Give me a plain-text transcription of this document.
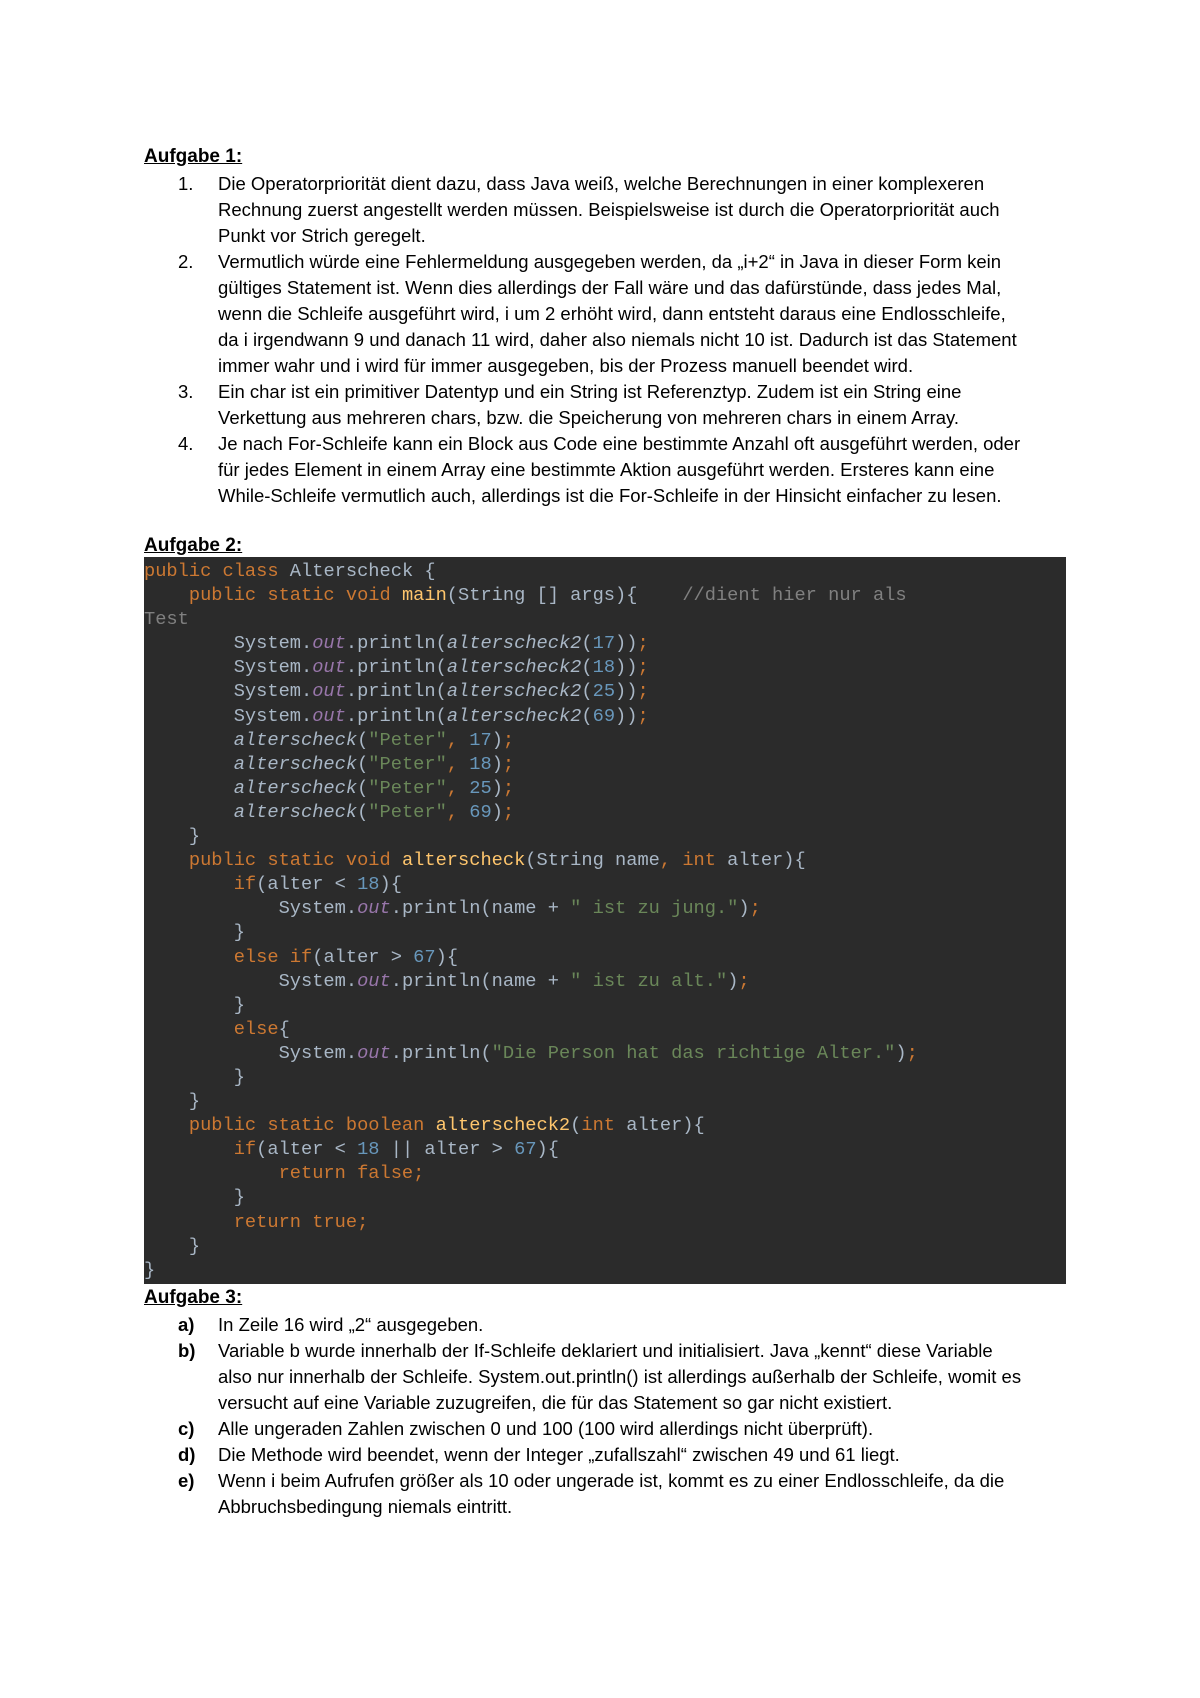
Aufgabe 1:
1. Die Operatorpriorität dient dazu, dass Java weiß, welche Berechnungen in einer komplexeren
Rechnung zuerst angestellt werden müssen. Beispielsweise ist durch die Operatorpriorität auch
Punkt vor Strich geregelt.
2. Vermutlich würde eine Fehlermeldung ausgegeben werden, da „i+2“ in Java in dieser Form kein
gültiges Statement ist. Wenn dies allerdings der Fall wäre und das dafürstünde, dass jedes Mal,
wenn die Schleife ausgeführt wird, i um 2 erhöht wird, dann entsteht daraus eine Endlosschleife,
da i irgendwann 9 und danach 11 wird, daher also niemals nicht 10 ist. Dadurch ist das Statement
immer wahr und i wird für immer ausgegeben, bis der Prozess manuell beendet wird.
3. Ein char ist ein primitiver Datentyp und ein String ist Referenztyp. Zudem ist ein String eine
Verkettung aus mehreren chars, bzw. die Speicherung von mehreren chars in einem Array.
4. Je nach For-Schleife kann ein Block aus Code eine bestimmte Anzahl oft ausgeführt werden, oder
für jedes Element in einem Array eine bestimmte Aktion ausgeführt werden. Ersteres kann eine
While-Schleife vermutlich auch, allerdings ist die For-Schleife in der Hinsicht einfacher zu lesen.
Aufgabe 2:
public class Alterscheck {
public static void main(String [] args){    //dient hier nur als
Test
System.out.println(alterscheck2(17));
System.out.println(alterscheck2(18));
System.out.println(alterscheck2(25));
System.out.println(alterscheck2(69));
alterscheck("Peter", 17);
alterscheck("Peter", 18);
alterscheck("Peter", 25);
alterscheck("Peter", 69);
}
public static void alterscheck(String name, int alter){
if(alter < 18){
System.out.println(name + " ist zu jung.");
}
else if(alter > 67){
System.out.println(name + " ist zu alt.");
}
else{
System.out.println("Die Person hat das richtige Alter.");
}
}
public static boolean alterscheck2(int alter){
if(alter < 18 || alter > 67){
return false;
}
return true;
}
}
Aufgabe 3:
a) In Zeile 16 wird „2“ ausgegeben.
b) Variable b wurde innerhalb der If-Schleife deklariert und initialisiert. Java „kennt“ diese Variable
also nur innerhalb der Schleife. System.out.println() ist allerdings außerhalb der Schleife, womit es
versucht auf eine Variable zuzugreifen, die für das Statement so gar nicht existiert.
c) Alle ungeraden Zahlen zwischen 0 und 100 (100 wird allerdings nicht überprüft).
d) Die Methode wird beendet, wenn der Integer „zufallszahl“ zwischen 49 und 61 liegt.
e) Wenn i beim Aufrufen größer als 10 oder ungerade ist, kommt es zu einer Endlosschleife, da die
Abbruchsbedingung niemals eintritt.
